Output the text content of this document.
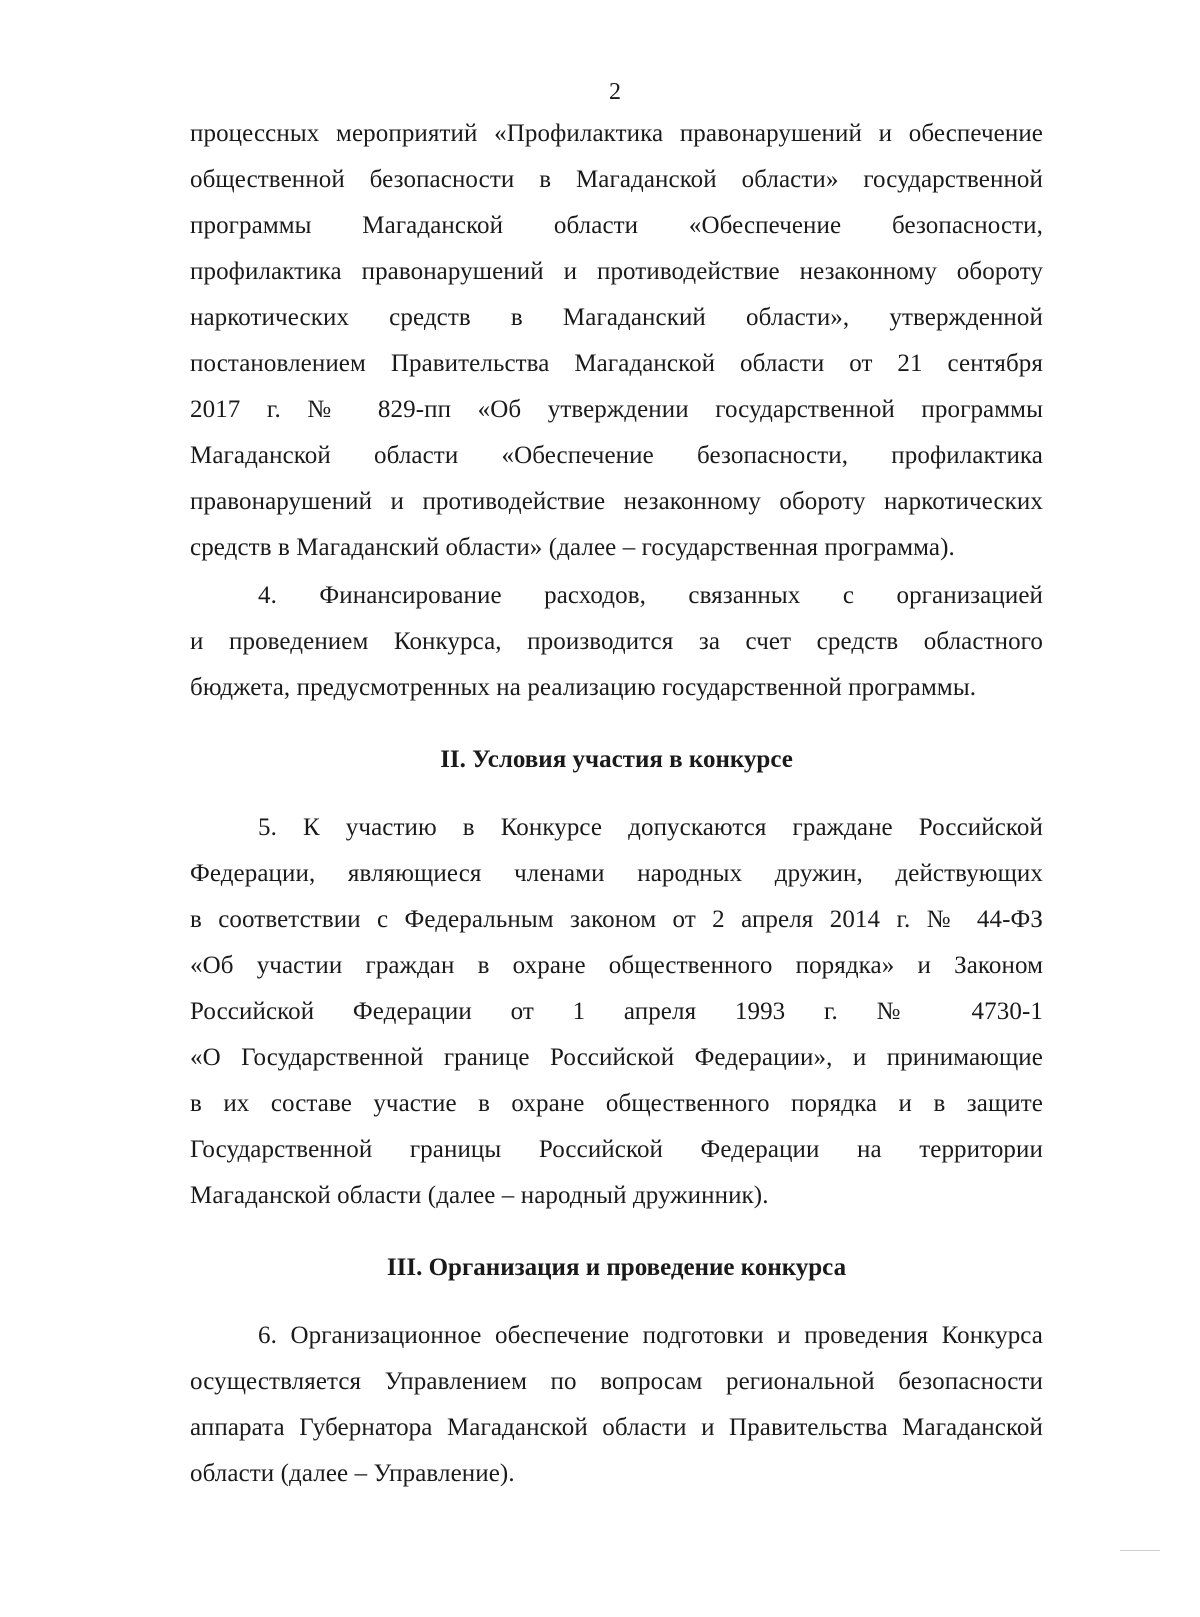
2
процессных мероприятий «Профилактика правонарушений и обеспечение
общественной безопасности в Магаданской области» государственной
программы Магаданской области «Обеспечение безопасности,
профилактика правонарушений и противодействие незаконному обороту
наркотических средств в Магаданский области», утвержденной
постановлением Правительства Магаданской области от 21 сентября
2017 г. № 829-пп «Об утверждении государственной программы
Магаданской области «Обеспечение безопасности, профилактика
правонарушений и противодействие незаконному обороту наркотических
средств в Магаданский области» (далее – государственная программа).
4. Финансирование расходов, связанных с организацией
и проведением Конкурса, производится за счет средств областного
бюджета, предусмотренных на реализацию государственной программы.
II. Условия участия в конкурсе
5. К участию в Конкурсе допускаются граждане Российской
Федерации, являющиеся членами народных дружин, действующих
в соответствии с Федеральным законом от 2 апреля 2014 г. № 44-ФЗ
«Об участии граждан в охране общественного порядка» и Законом
Российской Федерации от 1 апреля 1993 г. № 4730-1
«О Государственной границе Российской Федерации», и принимающие
в их составе участие в охране общественного порядка и в защите
Государственной границы Российской Федерации на территории
Магаданской области (далее – народный дружинник).
III. Организация и проведение конкурса
6. Организационное обеспечение подготовки и проведения Конкурса
осуществляется Управлением по вопросам региональной безопасности
аппарата Губернатора Магаданской области и Правительства Магаданской
области (далее – Управление).
